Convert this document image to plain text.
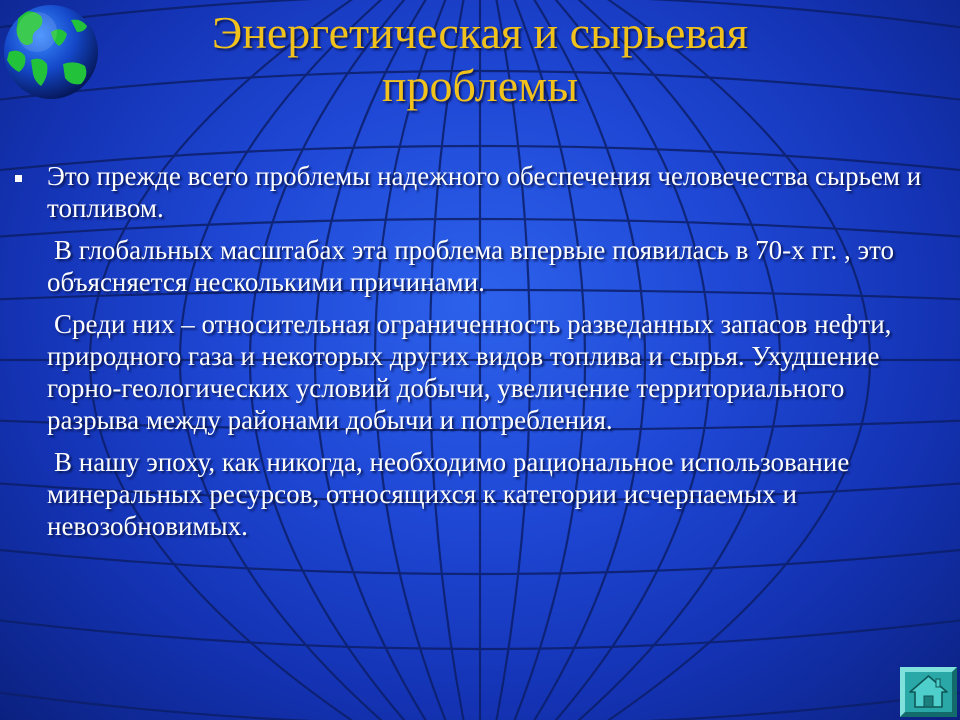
Энергетическая и сырьевая проблемы
Это прежде всего проблемы надежного обеспечения человечества сырьем и топливом.
В глобальных масштабах эта проблема впервые появилась в 70-х гг. , это объясняется несколькими причинами.
Среди них – относительная ограниченность разведанных запасов нефти, природного газа и некоторых других видов топлива и сырья. Ухудшение горно-геологических условий добычи, увеличение территориального разрыва между районами добычи и потребления.
В нашу эпоху, как никогда, необходимо рациональное использование минеральных ресурсов, относящихся к категории исчерпаемых и невозобновимых.
